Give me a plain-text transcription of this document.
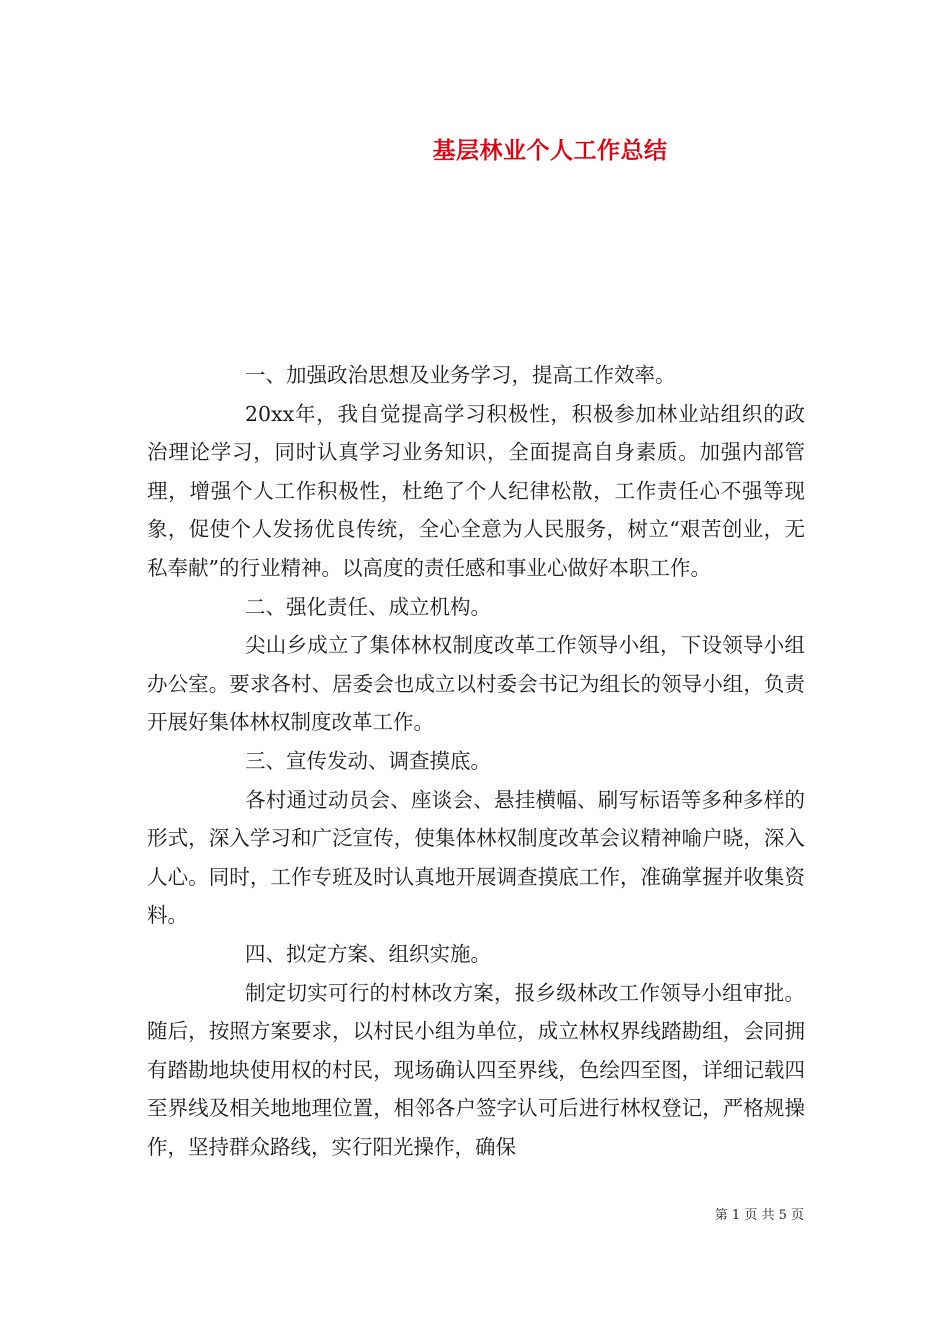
基层林业个人工作总结

一、加强政治思想及业务学习，提高工作效率。

20xx年，我自觉提高学习积极性，积极参加林业站组织的政治理论学习，同时认真学习业务知识，全面提高自身素质。加强内部管理，增强个人工作积极性，杜绝了个人纪律松散，工作责任心不强等现象，促使个人发扬优良传统，全心全意为人民服务，树立“艰苦创业，无私奉献”的行业精神。以高度的责任感和事业心做好本职工作。

二、强化责任、成立机构。

尖山乡成立了集体林权制度改革工作领导小组，下设领导小组办公室。要求各村、居委会也成立以村委会书记为组长的领导小组，负责开展好集体林权制度改革工作。

三、宣传发动、调查摸底。

各村通过动员会、座谈会、悬挂横幅、刷写标语等多种多样的形式，深入学习和广泛宣传，使集体林权制度改革会议精神喻户晓，深入人心。同时，工作专班及时认真地开展调查摸底工作，准确掌握并收集资料。

四、拟定方案、组织实施。

制定切实可行的村林改方案，报乡级林改工作领导小组审批。随后，按照方案要求，以村民小组为单位，成立林权界线踏勘组，会同拥有踏勘地块使用权的村民，现场确认四至界线，色绘四至图，详细记载四至界线及相关地地理位置，相邻各户签字认可后进行林权登记，严格规操作，坚持群众路线，实行阳光操作，确保

第 1 页 共 5 页
